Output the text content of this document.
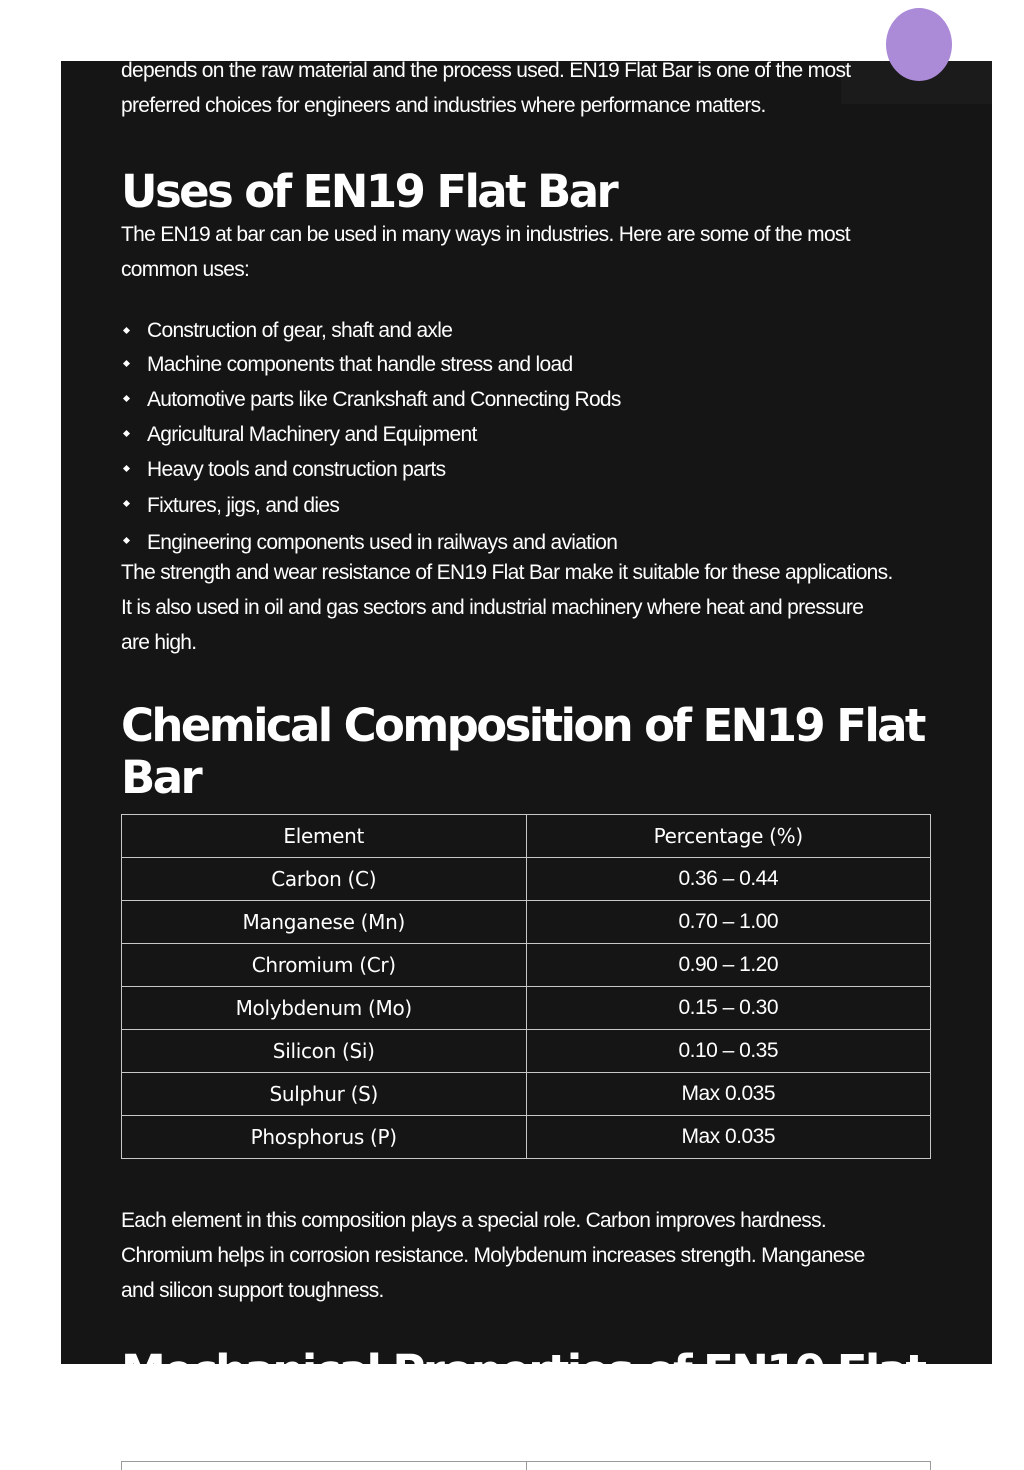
depends on the raw material and the process used. EN19 Flat Bar is one of the most
preferred choices for engineers and industries where performance matters.

Uses of EN19 Flat Bar

The EN19 at bar can be used in many ways in industries. Here are some of the most
common uses:

Construction of gear, shaft and axle
Machine components that handle stress and load
Automotive parts like Crankshaft and Connecting Rods
Agricultural Machinery and Equipment
Heavy tools and construction parts
Fixtures, jigs, and dies
Engineering components used in railways and aviation

The strength and wear resistance of EN19 Flat Bar make it suitable for these applications.
It is also used in oil and gas sectors and industrial machinery where heat and pressure
are high.

Chemical Composition of EN19 Flat Bar
Element	Percentage (%)
Carbon (C)	0.36 – 0.44
Manganese (Mn)	0.70 – 1.00
Chromium (Cr)	0.90 – 1.20
Molybdenum (Mo)	0.15 – 0.30
Silicon (Si)	0.10 – 0.35
Sulphur (S)	Max 0.035
Phosphorus (P)	Max 0.035

Each element in this composition plays a special role. Carbon improves hardness.
Chromium helps in corrosion resistance. Molybdenum increases strength. Manganese
and silicon support toughness.

Mechanical Properties of EN19 Flat Bar
